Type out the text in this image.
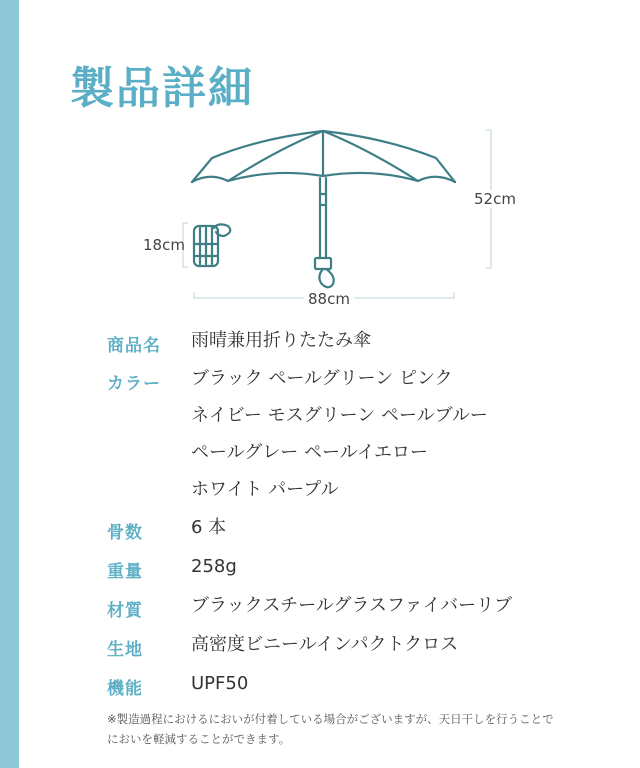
製品詳細
52cm
88cm
18cm
商品名	雨晴兼用折りたたみ傘
カラー	ブラック ペールグリーン ピンク
ネイビー モスグリーン ペールブルー
ペールグレー ペールイエロー
ホワイト パープル
骨数	6 本
重量	258g
材質	ブラックスチールグラスファイバーリブ
生地	高密度ビニールインパクトクロス
機能	UPF50
※製造過程におけるにおいが付着している場合がございますが、天日干しを行うことで
においを軽減することができます。
